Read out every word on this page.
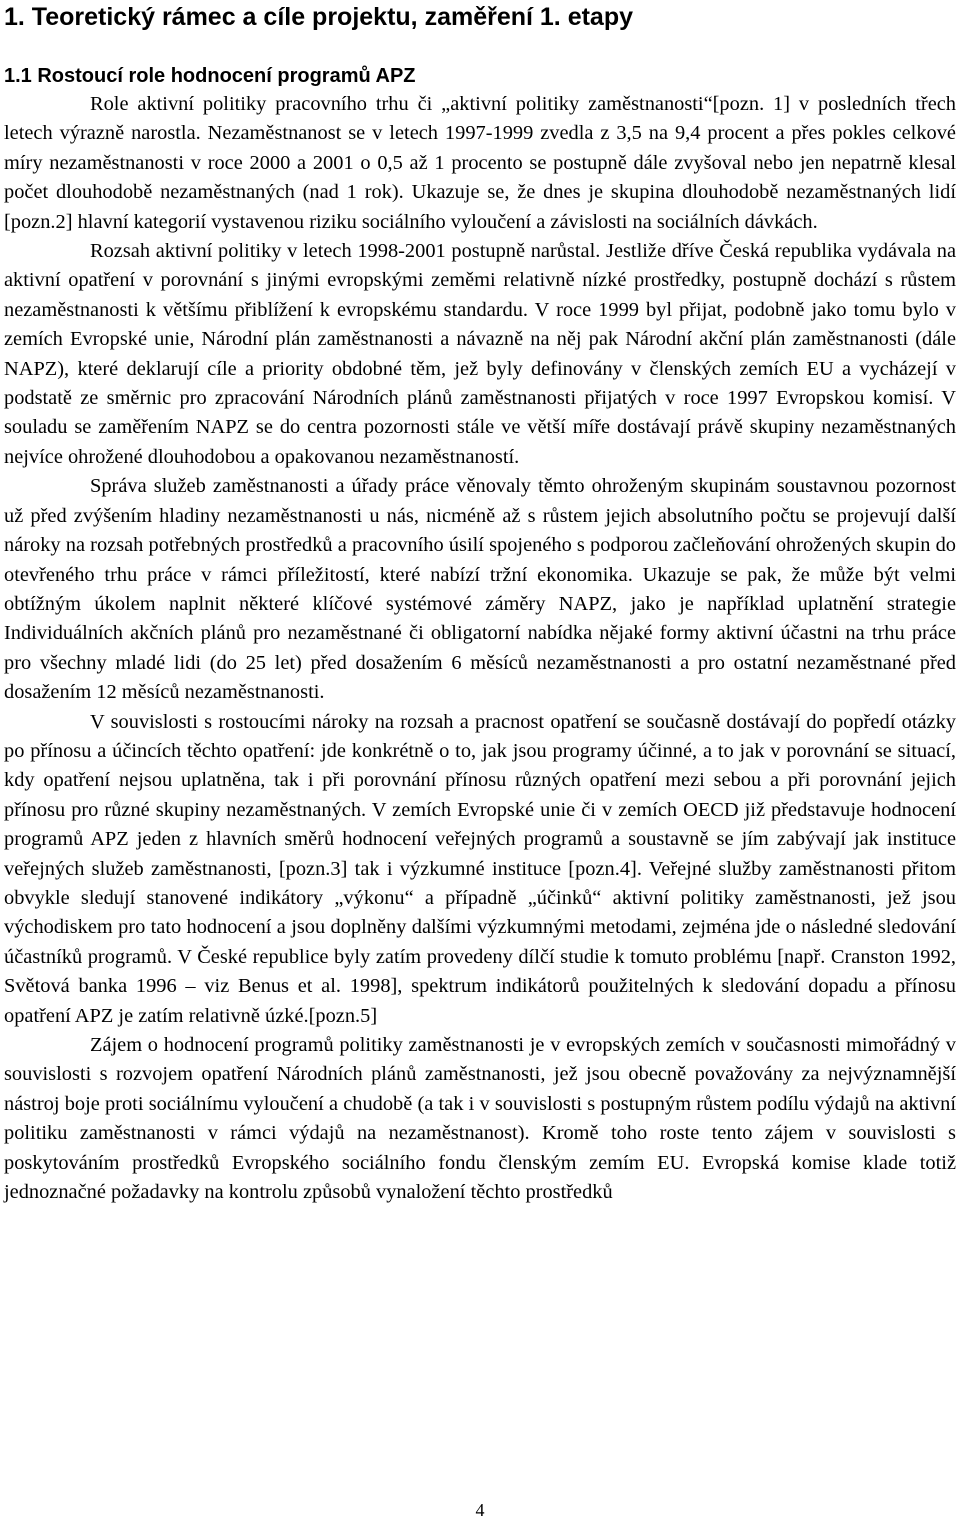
1. Teoretický rámec a cíle projektu, zaměření 1. etapy
1.1 Rostoucí role hodnocení programů APZ

Role aktivní politiky pracovního trhu či „aktivní politiky zaměstnanosti“[pozn. 1] v posledních třech letech výrazně narostla. Nezaměstnanost se v letech 1997-1999 zvedla z 3,5 na 9,4 procent a přes pokles celkové míry nezaměstnanosti v roce 2000 a 2001 o 0,5 až 1 procento se postupně dále zvyšoval nebo jen nepatrně klesal počet dlouhodobě nezaměstnaných (nad 1 rok). Ukazuje se, že dnes je skupina dlouhodobě nezaměstnaných lidí [pozn.2] hlavní kategorií vystavenou riziku sociálního vyloučení a závislosti na sociálních dávkách.

Rozsah aktivní politiky v letech 1998-2001 postupně narůstal. Jestliže dříve Česká republika vydávala na aktivní opatření v porovnání s jinými evropskými zeměmi relativně nízké prostředky, postupně dochází s růstem nezaměstnanosti k většímu přiblížení k evropskému standardu. V roce 1999 byl přijat, podobně jako tomu bylo v zemích Evropské unie, Národní plán zaměstnanosti a návazně na něj pak Národní akční plán zaměstnanosti (dále NAPZ), které deklarují cíle a priority obdobné těm, jež byly definovány v členských zemích EU a vycházejí v podstatě ze směrnic pro zpracování Národních plánů zaměstnanosti přijatých v roce 1997 Evropskou komisí. V souladu se zaměřením NAPZ se do centra pozornosti stále ve větší míře dostávají právě skupiny nezaměstnaných nejvíce ohrožené dlouhodobou a opakovanou nezaměstnaností.

Správa služeb zaměstnanosti a úřady práce věnovaly těmto ohroženým skupinám soustavnou pozornost už před zvýšením hladiny nezaměstnanosti u nás, nicméně až s růstem jejich absolutního počtu se projevují další nároky na rozsah potřebných prostředků a pracovního úsilí spojeného s podporou začleňování ohrožených skupin do otevřeného trhu práce v rámci příležitostí, které nabízí tržní ekonomika. Ukazuje se pak, že může být velmi obtížným úkolem naplnit některé klíčové systémové záměry NAPZ, jako je například uplatnění strategie Individuálních akčních plánů pro nezaměstnané či obligatorní nabídka nějaké formy aktivní účastni na trhu práce pro všechny mladé lidi (do 25 let) před dosažením 6 měsíců nezaměstnanosti a pro ostatní nezaměstnané před dosažením 12 měsíců nezaměstnanosti.

V souvislosti s rostoucími nároky na rozsah a pracnost opatření se současně dostávají do popředí otázky po přínosu a účincích těchto opatření: jde konkrétně o to, jak jsou programy účinné, a to jak v porovnání se situací, kdy opatření nejsou uplatněna, tak i při porovnání přínosu různých opatření mezi sebou a při porovnání jejich přínosu pro různé skupiny nezaměstnaných. V zemích Evropské unie či v zemích OECD již představuje hodnocení programů APZ jeden z hlavních směrů hodnocení veřejných programů a soustavně se jím zabývají jak instituce veřejných služeb zaměstnanosti, [pozn.3] tak i výzkumné instituce [pozn.4]. Veřejné služby zaměstnanosti přitom obvykle sledují stanovené indikátory „výkonu“ a případně „účinků“ aktivní politiky zaměstnanosti, jež jsou východiskem pro tato hodnocení a jsou doplněny dalšími výzkumnými metodami, zejména jde o následné sledování účastníků programů. V České republice byly zatím provedeny dílčí studie k tomuto problému [např. Cranston 1992, Světová banka 1996 – viz Benus et al. 1998], spektrum indikátorů použitelných k sledování dopadu a přínosu opatření APZ je zatím relativně úzké.[pozn.5]

Zájem o hodnocení programů politiky zaměstnanosti je v evropských zemích v současnosti mimořádný v souvislosti s rozvojem opatření Národních plánů zaměstnanosti, jež jsou obecně považovány za nejvýznamnější nástroj boje proti sociálnímu vyloučení a chudobě (a tak i v souvislosti s postupným růstem podílu výdajů na aktivní politiku zaměstnanosti v rámci výdajů na nezaměstnanost). Kromě toho roste tento zájem v souvislosti s poskytováním prostředků Evropského sociálního fondu členským zemím EU. Evropská komise klade totiž jednoznačné požadavky na kontrolu způsobů vynaložení těchto prostředků

4
